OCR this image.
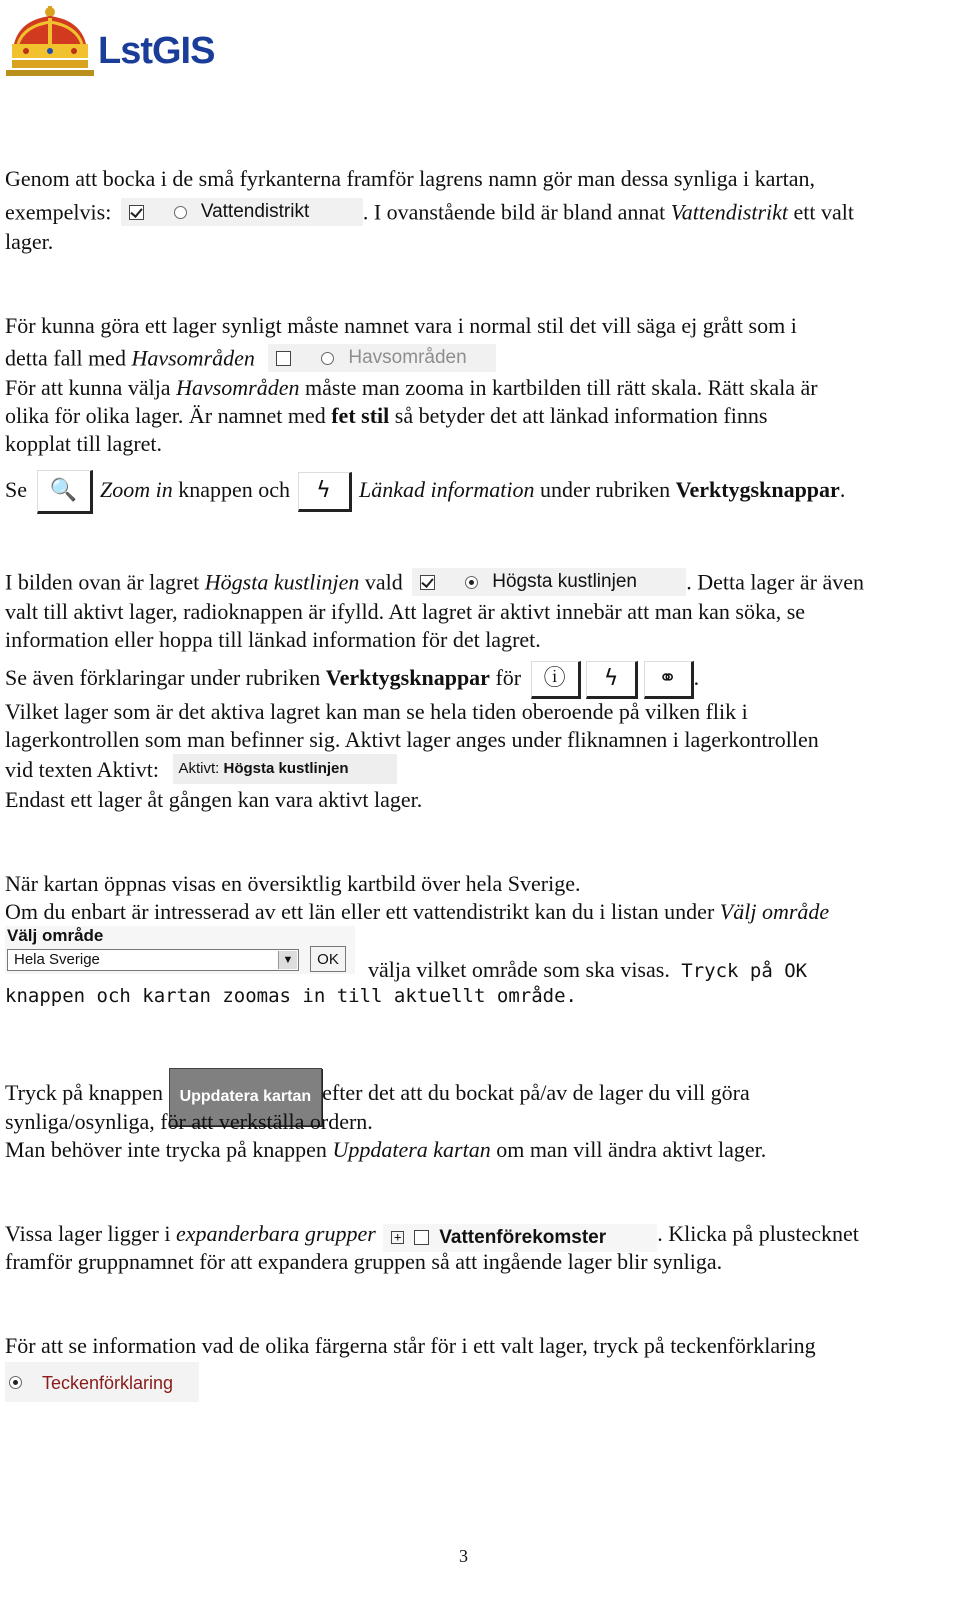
LstGIS
Genom att bocka i de små fyrkanterna framför lagrens namn gör man dessa synliga i kartan,
exempelvis:	Vattendistrikt . I ovanstående bild är bland annat Vattendistrikt ett valt
lager.
För kunna göra ett lager synligt måste namnet vara i normal stil det vill säga ej grått som i
detta fall med Havsområden	Havsområden
För att kunna välja Havsområden måste man zooma in kartbilden till rätt skala. Rätt skala är
olika för olika lager. Är namnet med fet stil så betyder det att länkad information finns
kopplat till lagret.
Se 🔍 Zoom in knappen och ϟ Länkad information under rubriken Verktygsknappar.
I bilden ovan är lagret Högsta kustlinjen vald	Högsta kustlinjen . Detta lager är även
valt till aktivt lager, radioknappen är ifylld. Att lagret är aktivt innebär att man kan söka, se
information eller hoppa till länkad information för det lagret.
Se även förklaringar under rubriken Verktygsknappar för ⓘ
ϟ
⚭ .
Vilket lager som är det aktiva lagret kan man se hela tiden oberoende på vilken flik i
lagerkontrollen som man befinner sig. Aktivt lager anges under fliknamnen i lagerkontrollen
vid texten Aktivt: Aktivt: Högsta kustlinjen
Endast ett lager åt gången kan vara aktivt lager.
När kartan öppnas visas en översiktlig kartbild över hela Sverige.
Om du enbart är intresserad av ett län eller ett vattendistrikt kan du i listan under Välj område
Välj område
Hela Sverige	▼	OK	välja vilket område som ska visas. Tryck på OK
knappen och kartan zoomas in till aktuellt område.
Tryck på knappen Uppdatera kartan efter det att du bockat på/av de lager du vill göra
synliga/osynliga, för att verkställa ordern.
Man behöver inte trycka på knappen Uppdatera kartan om man vill ändra aktivt lager.
Vissa lager ligger i expanderbara grupper + Vattenförekomster . Klicka på plustecknet
framför gruppnamnet för att expandera gruppen så att ingående lager blir synliga.
För att se information vad de olika färgerna står för i ett valt lager, tryck på teckenförklaring
Teckenförklaring
3
